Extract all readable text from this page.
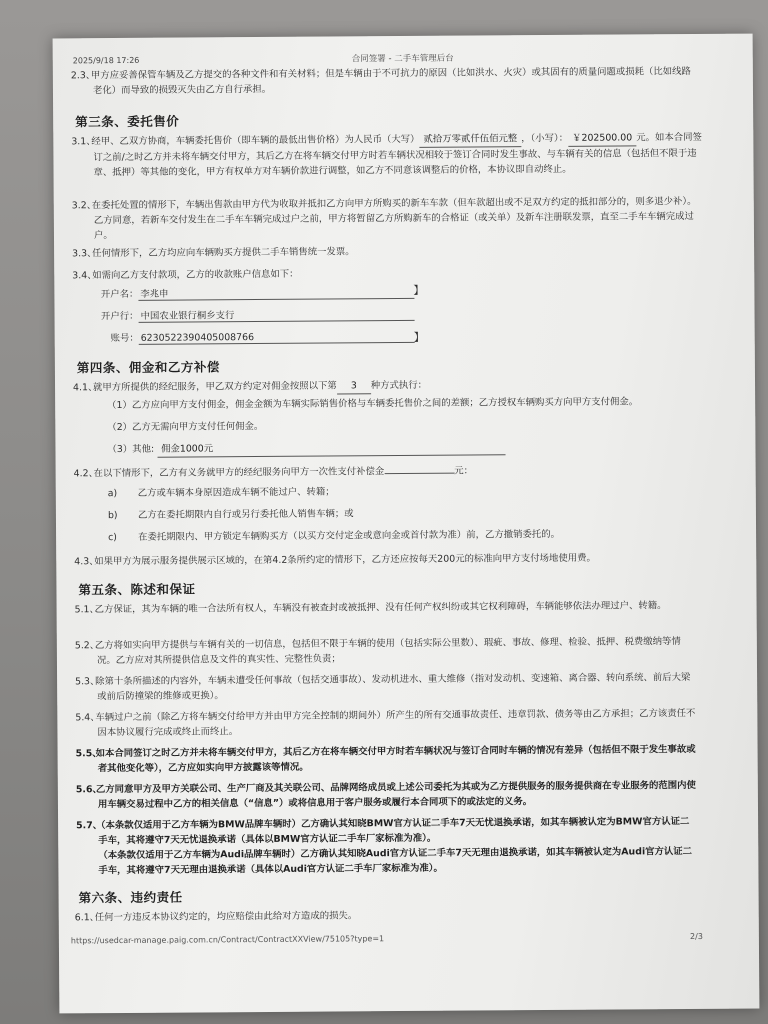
2025/9/18 17:26	合同签署 - 二手车管理后台
2.3、甲方应妥善保管车辆及乙方提交的各种文件和有关材料；但是车辆由于不可抗力的原因（比如洪水、火灾）或其固有的质量问题或损耗（比如线路老化）而导致的损毁灭失由乙方自行承担。
第三条、委托售价
3.1、经甲、乙双方协商，车辆委托售价（即车辆的最低出售价格）为人民币（大写） 贰拾万零贰仟伍佰元整 ，（小写）： ￥202500.00 元。如本合同签订之前/之时乙方并未将车辆交付甲方，其后乙方在将车辆交付甲方时若车辆状况相较于签订合同时发生事故、与车辆有关的信息（包括但不限于违章、抵押）等其他的变化，甲方有权单方对车辆价款进行调整，如乙方不同意该调整后的价格，本协议即自动终止。
3.2、在委托处置的情形下，车辆出售款由甲方代为收取并抵扣乙方向甲方所购买的新车车款（但车款超出或不足双方约定的抵扣部分的，则多退少补）。乙方同意，若新车交付发生在二手车车辆完成过户之前，甲方将暂留乙方所购新车的合格证（或关单）及新车注册联发票，直至二手车车辆完成过户。
3.3、任何情形下，乙方均应向车辆购买方提供二手车销售统一发票。
3.4、如需向乙方支付款项，乙方的收款账户信息如下：
开户名： 李兆申	】
开户行： 中国农业银行桐乡支行
账号： 6230522390405008766	】
第四条、佣金和乙方补偿
4.1、就甲方所提供的经纪服务，甲乙双方约定对佣金按照以下第 3 种方式执行：
（1）乙方应向甲方支付佣金，佣金金额为车辆实际销售价格与车辆委托售价之间的差额；乙方授权车辆购买方向甲方支付佣金。
（2）乙方无需向甲方支付任何佣金。
（3）其他: 佣金1000元
4.2、在以下情形下，乙方有义务就甲方的经纪服务向甲方一次性支付补偿金	元：
a) 乙方或车辆本身原因造成车辆不能过户、转籍；
b) 乙方在委托期限内自行或另行委托他人销售车辆；或
c) 在委托期限内、甲方锁定车辆购买方（以买方交付定金或意向金或首付款为准）前，乙方撤销委托的。
4.3、如果甲方为展示服务提供展示区域的，在第4.2条所约定的情形下，乙方还应按每天200元的标准向甲方支付场地使用费。
第五条、陈述和保证
5.1、乙方保证，其为车辆的唯一合法所有权人，车辆没有被查封或被抵押、没有任何产权纠纷或其它权利障碍，车辆能够依法办理过户、转籍。
5.2、乙方将如实向甲方提供与车辆有关的一切信息，包括但不限于车辆的使用（包括实际公里数）、瑕疵、事故、修理、检验、抵押、税费缴纳等情况。乙方应对其所提供信息及文件的真实性、完整性负责；
5.3、除第十条所描述的内容外，车辆未遭受任何事故（包括交通事故）、发动机进水、重大维修（指对发动机、变速箱、离合器、转向系统、前后大梁或前后防撞梁的维修或更换）。
5.4、车辆过户之前（除乙方将车辆交付给甲方并由甲方完全控制的期间外）所产生的所有交通事故责任、违章罚款、债务等由乙方承担；乙方该责任不因本协议履行完成或终止而终止。
5.5、如本合同签订之时乙方并未将车辆交付甲方，其后乙方在将车辆交付甲方时若车辆状况与签订合同时车辆的情况有差异（包括但不限于发生事故或者其他变化等），乙方应如实向甲方披露该等情况。
5.6、乙方同意甲方及甲方关联公司、生产厂商及其关联公司、品牌网络成员或上述公司委托为其或为乙方提供服务的服务提供商在专业服务的范围内使用车辆交易过程中乙方的相关信息（“信息”）或将信息用于客户服务或履行本合同项下的或法定的义务。
5.7、（本条款仅适用于乙方车辆为BMW品牌车辆时）乙方确认其知晓BMW官方认证二手车7天无忧退换承诺，如其车辆被认定为BMW官方认证二手车，其将遵守7天无忧退换承诺（具体以BMW官方认证二手车厂家标准为准）。
（本条款仅适用于乙方车辆为Audi品牌车辆时）乙方确认其知晓Audi官方认证二手车7天无理由退换承诺，如其车辆被认定为Audi官方认证二手车，其将遵守7天无理由退换承诺（具体以Audi官方认证二手车厂家标准为准）。
第六条、违约责任
6.1、任何一方违反本协议约定的，均应赔偿由此给对方造成的损失。
https://usedcar-manage.paig.com.cn/Contract/ContractXXView/75105?type=1	2/3
